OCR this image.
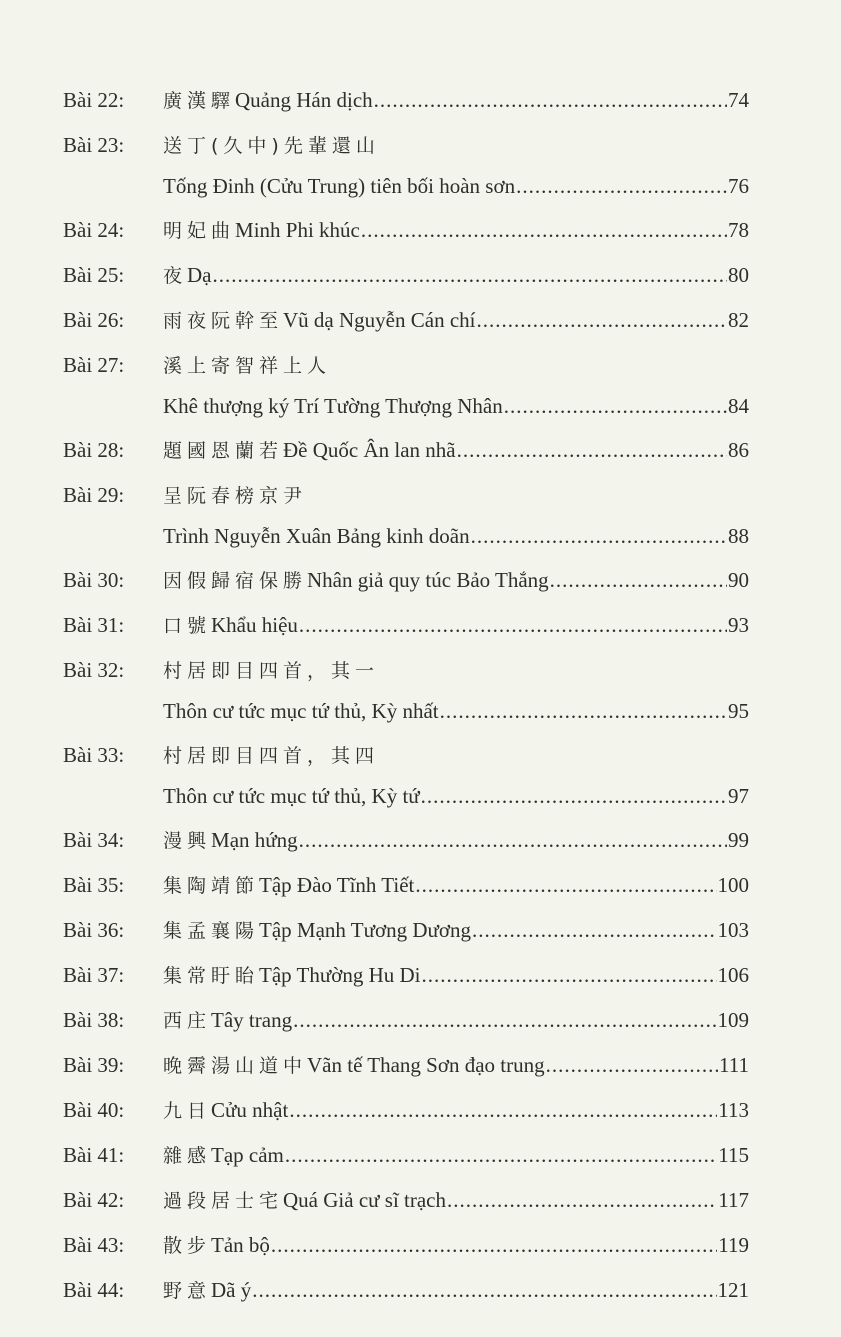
Bài 22:	廣漢驛Quảng Hán dịch .....	74
Bài 23:	送丁(久中)先輩還山
Tống Đinh (Cửu Trung) tiên bối hoàn sơn .....	76
Bài 24:	明妃曲Minh Phi khúc .....	78
Bài 25:	夜Dạ .....	80
Bài 26:	雨夜阮幹至Vũ dạ Nguyễn Cán chí .....	82
Bài 27:	溪上寄智祥上人
Khê thượng ký Trí Tường Thượng Nhân .....	84
Bài 28:	題國恩蘭若Đề Quốc Ân lan nhã .....	86
Bài 29:	呈阮春榜京尹
Trình Nguyễn Xuân Bảng kinh doãn .....	88
Bài 30:	因假歸宿保勝Nhân giả quy túc Bảo Thắng .....	90
Bài 31:	口號Khẩu hiệu .....	93
Bài 32:	村居即目四首，其一
Thôn cư tức mục tứ thủ, Kỳ nhất .....	95
Bài 33:	村居即目四首，其四
Thôn cư tức mục tứ thủ, Kỳ tứ .....	97
Bài 34:	漫興Mạn hứng .....	99
Bài 35:	集陶靖節Tập Đào Tĩnh Tiết .....	100
Bài 36:	集孟襄陽Tập Mạnh Tương Dương .....	103
Bài 37:	集常盱眙Tập Thường Hu Di .....	106
Bài 38:	西庄Tây trang .....	109
Bài 39:	晚霽湯山道中Vãn tế Thang Sơn đạo trung .....	111
Bài 40:	九日Cửu nhật .....	113
Bài 41:	雜感Tạp cảm .....	115
Bài 42:	過段居士宅Quá Giả cư sĩ trạch .....	117
Bài 43:	散步Tản bộ .....	119
Bài 44:	野意Dã ý .....	121
